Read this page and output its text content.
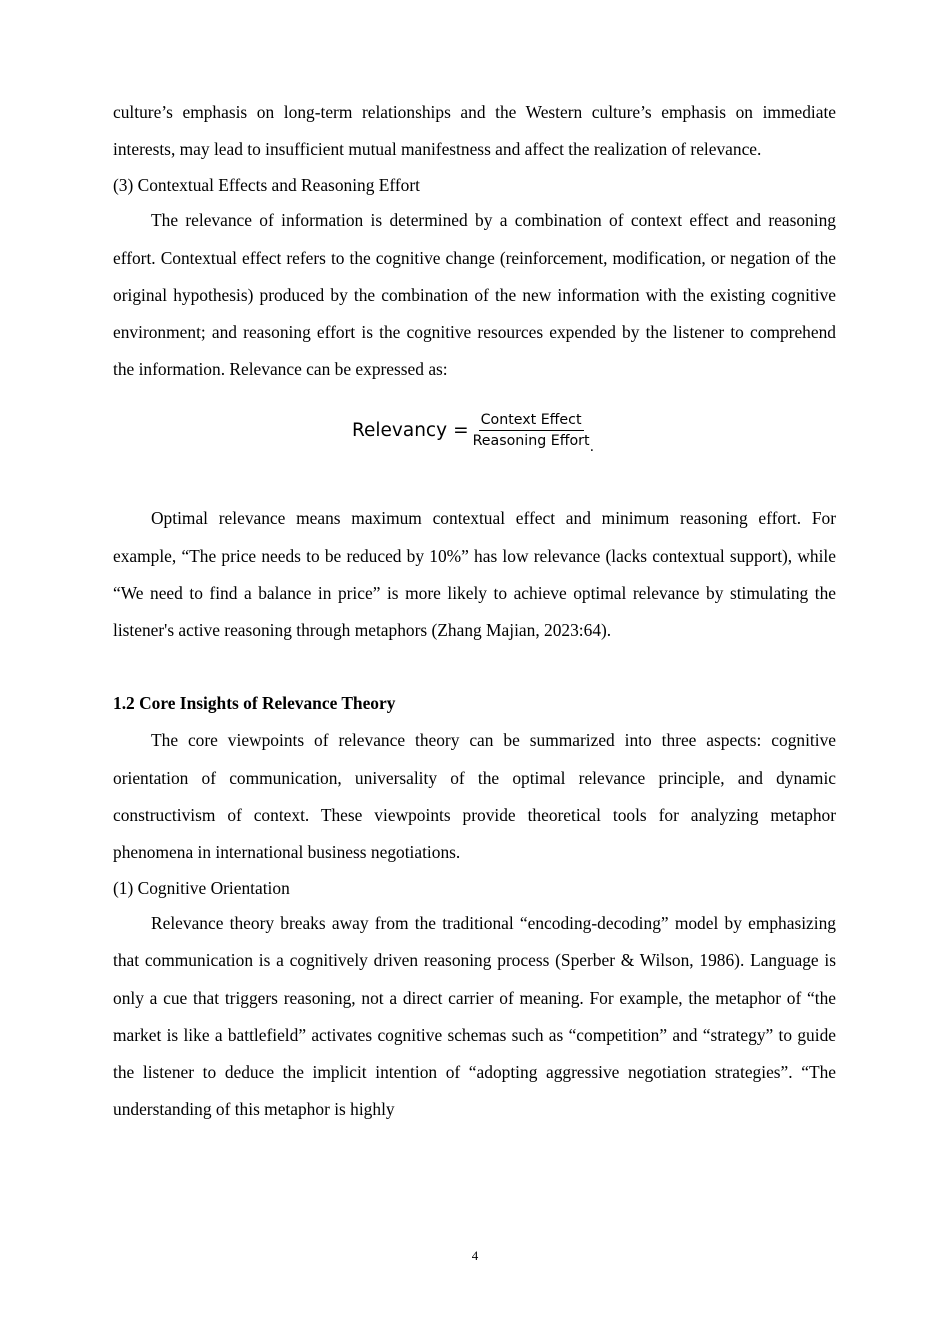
culture’s emphasis on long-term relationships and the Western culture’s emphasis on immediate interests, may lead to insufficient mutual manifestness and affect the realization of relevance.

(3) Contextual Effects and Reasoning Effort

The relevance of information is determined by a combination of context effect and reasoning effort. Contextual effect refers to the cognitive change (reinforcement, modification, or negation of the original hypothesis) produced by the combination of the new information with the existing cognitive environment; and reasoning effort is the cognitive resources expended by the listener to comprehend the information. Relevance can be expressed as:

Relevancy = $\frac{\text{Context Effect}}{\text{Reasoning Effort}}$ .

Optimal relevance means maximum contextual effect and minimum reasoning effort. For example, “The price needs to be reduced by 10%” has low relevance (lacks contextual support), while “We need to find a balance in price” is more likely to achieve optimal relevance by stimulating the listener's active reasoning through metaphors (Zhang Majian, 2023:64).

1.2 Core Insights of Relevance Theory

The core viewpoints of relevance theory can be summarized into three aspects: cognitive orientation of communication, universality of the optimal relevance principle, and dynamic constructivism of context. These viewpoints provide theoretical tools for analyzing metaphor phenomena in international business negotiations.

(1) Cognitive Orientation

Relevance theory breaks away from the traditional “encoding-decoding” model by emphasizing that communication is a cognitively driven reasoning process (Sperber & Wilson, 1986). Language is only a cue that triggers reasoning, not a direct carrier of meaning. For example, the metaphor of “the market is like a battlefield” activates cognitive schemas such as “competition” and “strategy” to guide the listener to deduce the implicit intention of “adopting aggressive negotiation strategies”. “The understanding of this metaphor is highly

4
